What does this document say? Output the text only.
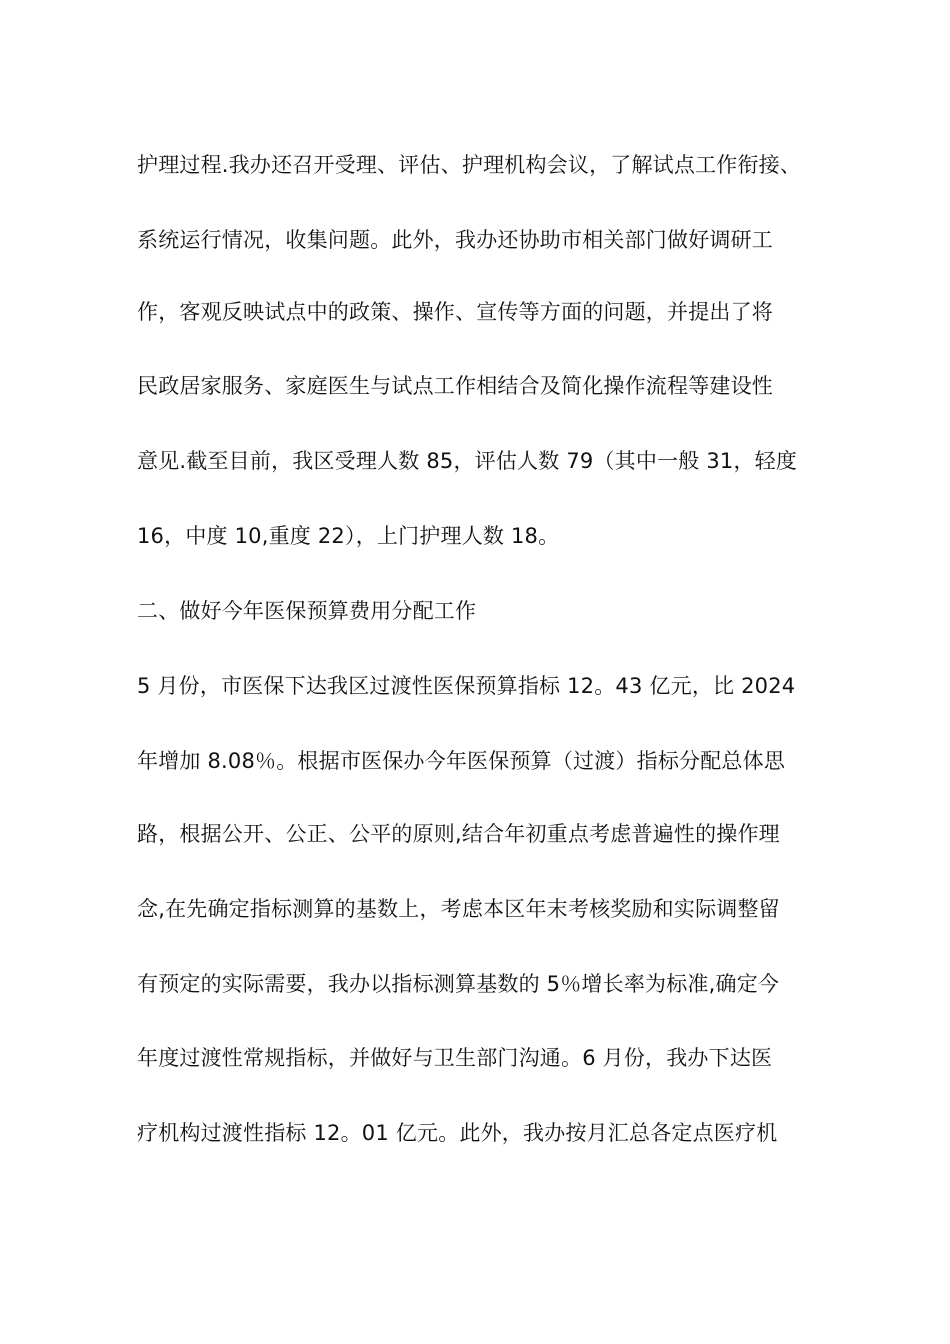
护理过程.我办还召开受理、评估、护理机构会议，了解试点工作衔接、
系统运行情况，收集问题。此外，我办还协助市相关部门做好调研工
作，客观反映试点中的政策、操作、宣传等方面的问题，并提出了将
民政居家服务、家庭医生与试点工作相结合及简化操作流程等建设性
意见.截至目前，我区受理人数 85，评估人数 79（其中一般 31，轻度
16，中度 10,重度 22），上门护理人数 18。
二、做好今年医保预算费用分配工作
5 月份，市医保下达我区过渡性医保预算指标 12。43 亿元，比 2024
年增加 8.08％。根据市医保办今年医保预算（过渡）指标分配总体思
路，根据公开、公正、公平的原则,结合年初重点考虑普遍性的操作理
念,在先确定指标测算的基数上，考虑本区年末考核奖励和实际调整留
有预定的实际需要，我办以指标测算基数的 5％增长率为标准,确定今
年度过渡性常规指标，并做好与卫生部门沟通。6 月份，我办下达医
疗机构过渡性指标 12。01 亿元。此外，我办按月汇总各定点医疗机
